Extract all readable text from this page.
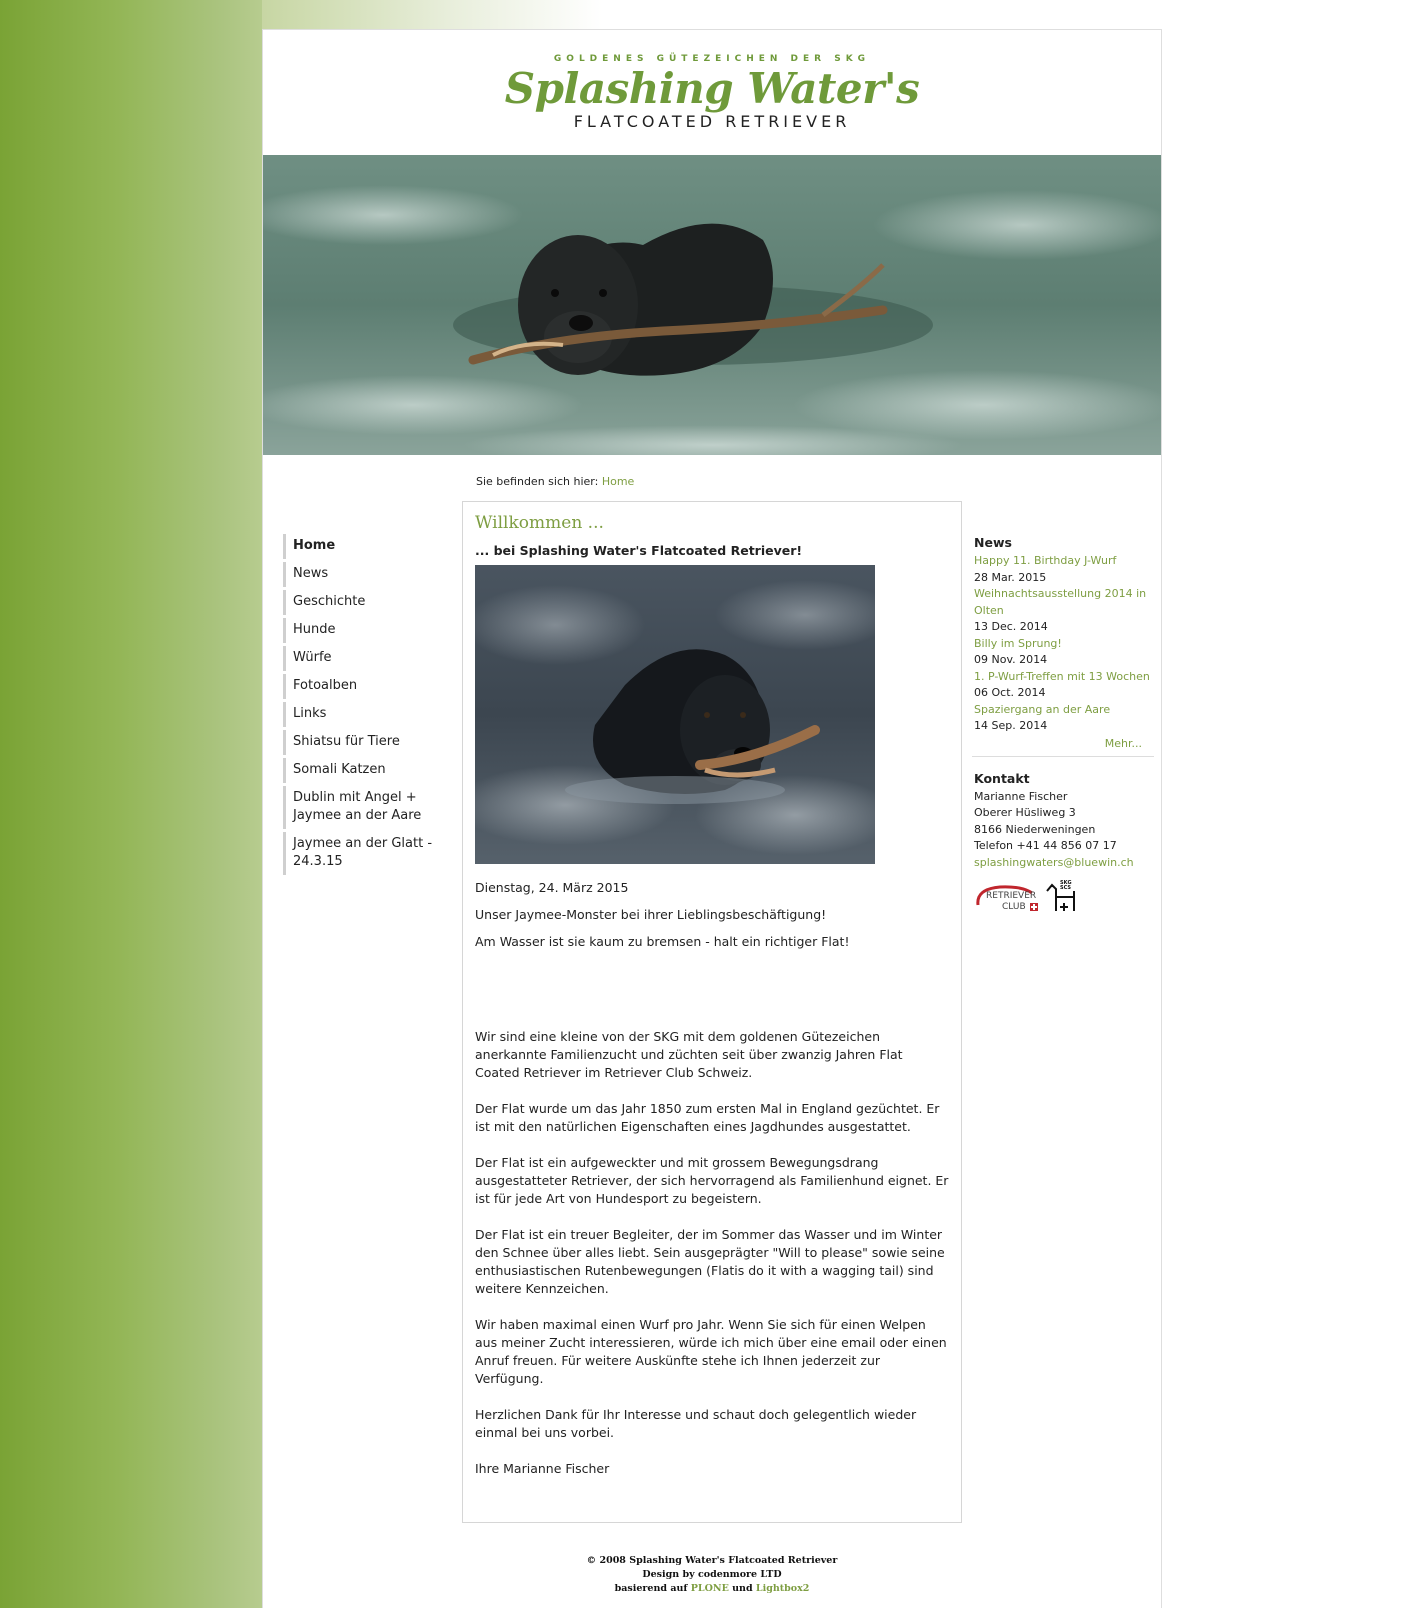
GOLDENES GÜTEZEICHEN DER SKG
Splashing Water's
FLATCOATED RETRIEVER
Sie befinden sich hier: Home
Home
News
Geschichte
Hunde
Würfe
Fotoalben
Links
Shiatsu für Tiere
Somali Katzen
Dublin mit Angel + Jaymee an der Aare
Jaymee an der Glatt - 24.3.15
Willkommen ...
... bei Splashing Water's Flatcoated Retriever!

Dienstag, 24. März 2015

Unser Jaymee-Monster bei ihrer Lieblingsbeschäftigung!

Am Wasser ist sie kaum zu bremsen - halt ein richtiger Flat!

Wir sind eine kleine von der SKG mit dem goldenen Gütezeichen anerkannte Familienzucht und züchten seit über zwanzig Jahren Flat Coated Retriever im Retriever Club Schweiz.

Der Flat wurde um das Jahr 1850 zum ersten Mal in England gezüchtet. Er ist mit den natürlichen Eigenschaften eines Jagdhundes ausgestattet.

Der Flat ist ein aufgeweckter und mit grossem Bewegungsdrang ausgestatteter Retriever, der sich hervorragend als Familienhund eignet. Er ist für jede Art von Hundesport zu begeistern.

Der Flat ist ein treuer Begleiter, der im Sommer das Wasser und im Winter den Schnee über alles liebt. Sein ausgeprägter "Will to please" sowie seine enthusiastischen Rutenbewegungen (Flatis do it with a wagging tail) sind weitere Kennzeichen.

Wir haben maximal einen Wurf pro Jahr. Wenn Sie sich für einen Welpen aus meiner Zucht interessieren, würde ich mich über eine email oder einen Anruf freuen. Für weitere Auskünfte stehe ich Ihnen jederzeit zur Verfügung.

Herzlichen Dank für Ihr Interesse und schaut doch gelegentlich wieder einmal bei uns vorbei.

Ihre Marianne Fischer

News
Happy 11. Birthday J-Wurf
28 Mar. 2015
Weihnachtsausstellung 2014 in Olten
13 Dec. 2014
Billy im Sprung!
09 Nov. 2014
1. P-Wurf-Treffen mit 13 Wochen
06 Oct. 2014
Spaziergang an der Aare
14 Sep. 2014
Mehr...
Kontakt
Marianne Fischer
Oberer Hüsliweg 3
8166 Niederweningen
Telefon +41 44 856 07 17
splashingwaters@bluewin.ch
RETRIEVER
CLUB
SKG SCS
© 2008 Splashing Water's Flatcoated Retriever
Design by codenmore LTD
basierend auf PLONE und Lightbox2
